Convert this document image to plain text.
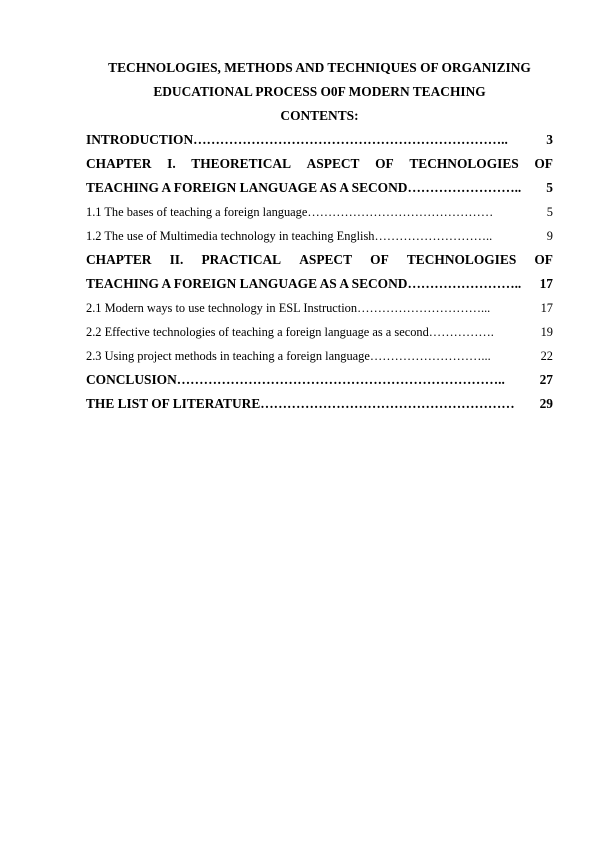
TECHNOLOGIES, METHODS AND TECHNIQUES OF ORGANIZING

EDUCATIONAL PROCESS O0F MODERN TEACHING

CONTENTS:

INTRODUCTION ……………………………………………………………..	3
CHAPTER I. THEORETICAL ASPECT OF TECHNOLOGIES OF
TEACHING A FOREIGN LANGUAGE AS A SECOND ……………………..	5
1.1 The bases of teaching a foreign language ………………………………………	5
1.2 The use of Multimedia technology in teaching English ………………………..	9
CHAPTER II. PRACTICAL ASPECT OF TECHNOLOGIES OF
TEACHING A FOREIGN LANGUAGE AS A SECOND ……………………..	17
2.1 Modern ways to use technology in ESL Instruction …………………………...	17
2.2 Effective technologies of teaching a foreign language as a second …………….	19
2.3 Using project methods in teaching a foreign language ………………………...	22
CONCLUSION ………………………………………………………………..	27
THE LIST OF LITERATURE …………………………………………………	29
